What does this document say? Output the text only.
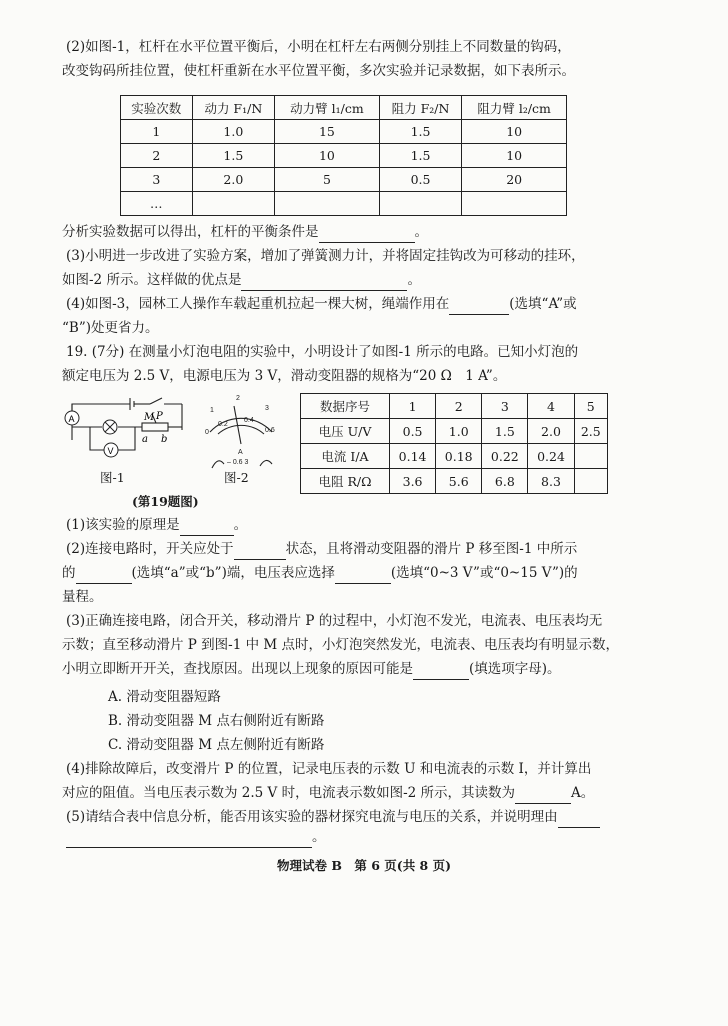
(2)如图-1，杠杆在水平位置平衡后，小明在杠杆左右两侧分别挂上不同数量的钩码，
改变钩码所挂位置，使杠杆重新在水平位置平衡，多次实验并记录数据，如下表所示。
实验次数	动力 F₁/N	动力臂 l₁/cm	阻力 F₂/N	阻力臂 l₂/cm
1	1.0	15	1.5	10
2	1.5	10	1.5	10
3	2.0	5	0.5	20
…				
分析实验数据可以得出，杠杆的平衡条件是	。
(3)小明进一步改进了实验方案，增加了弹簧测力计，并将固定挂钩改为可移动的挂环，
如图-2 所示。这样做的优点是	。
(4)如图-3，园林工人操作车载起重机拉起一棵大树，绳端作用在	(选填“A”或
“B”)处更省力。
19. (7分) 在测量小灯泡电阻的实验中，小明设计了如图-1 所示的电路。已知小灯泡的
额定电压为 2.5 V，电源电压为 3 V，滑动变阻器的规格为“20 Ω　1 A”。
A
V
M P
a b
1
2
3
0
0.2
0.4
0.6
A
– 0.6 3
图-1	图-2
(第19题图)
数据序号	1	2	3	4	5
电压 U/V	0.5	1.0	1.5	2.0	2.5
电流 I/A	0.14	0.18	0.22	0.24	
电阻 R/Ω	3.6	5.6	6.8	8.3	
(1)该实验的原理是	。
(2)连接电路时，开关应处于	状态，且将滑动变阻器的滑片 P 移至图-1 中所示
的	(选填“a”或“b”)端，电压表应选择	(选填“0~3 V”或“0~15 V”)的
量程。
(3)正确连接电路，闭合开关，移动滑片 P 的过程中，小灯泡不发光，电流表、电压表均无
示数；直至移动滑片 P 到图-1 中 M 点时，小灯泡突然发光，电流表、电压表均有明显示数，
小明立即断开开关，查找原因。出现以上现象的原因可能是	(填选项字母)。
A. 滑动变阻器短路
B. 滑动变阻器 M 点右侧附近有断路
C. 滑动变阻器 M 点左侧附近有断路
(4)排除故障后，改变滑片 P 的位置，记录电压表的示数 U 和电流表的示数 I，并计算出
对应的阻值。当电压表示数为 2.5 V 时，电流表示数如图-2 所示，其读数为	A。
(5)请结合表中信息分析，能否用该实验的器材探究电流与电压的关系，并说明理由
。
物理试卷 B　第 6 页(共 8 页)
